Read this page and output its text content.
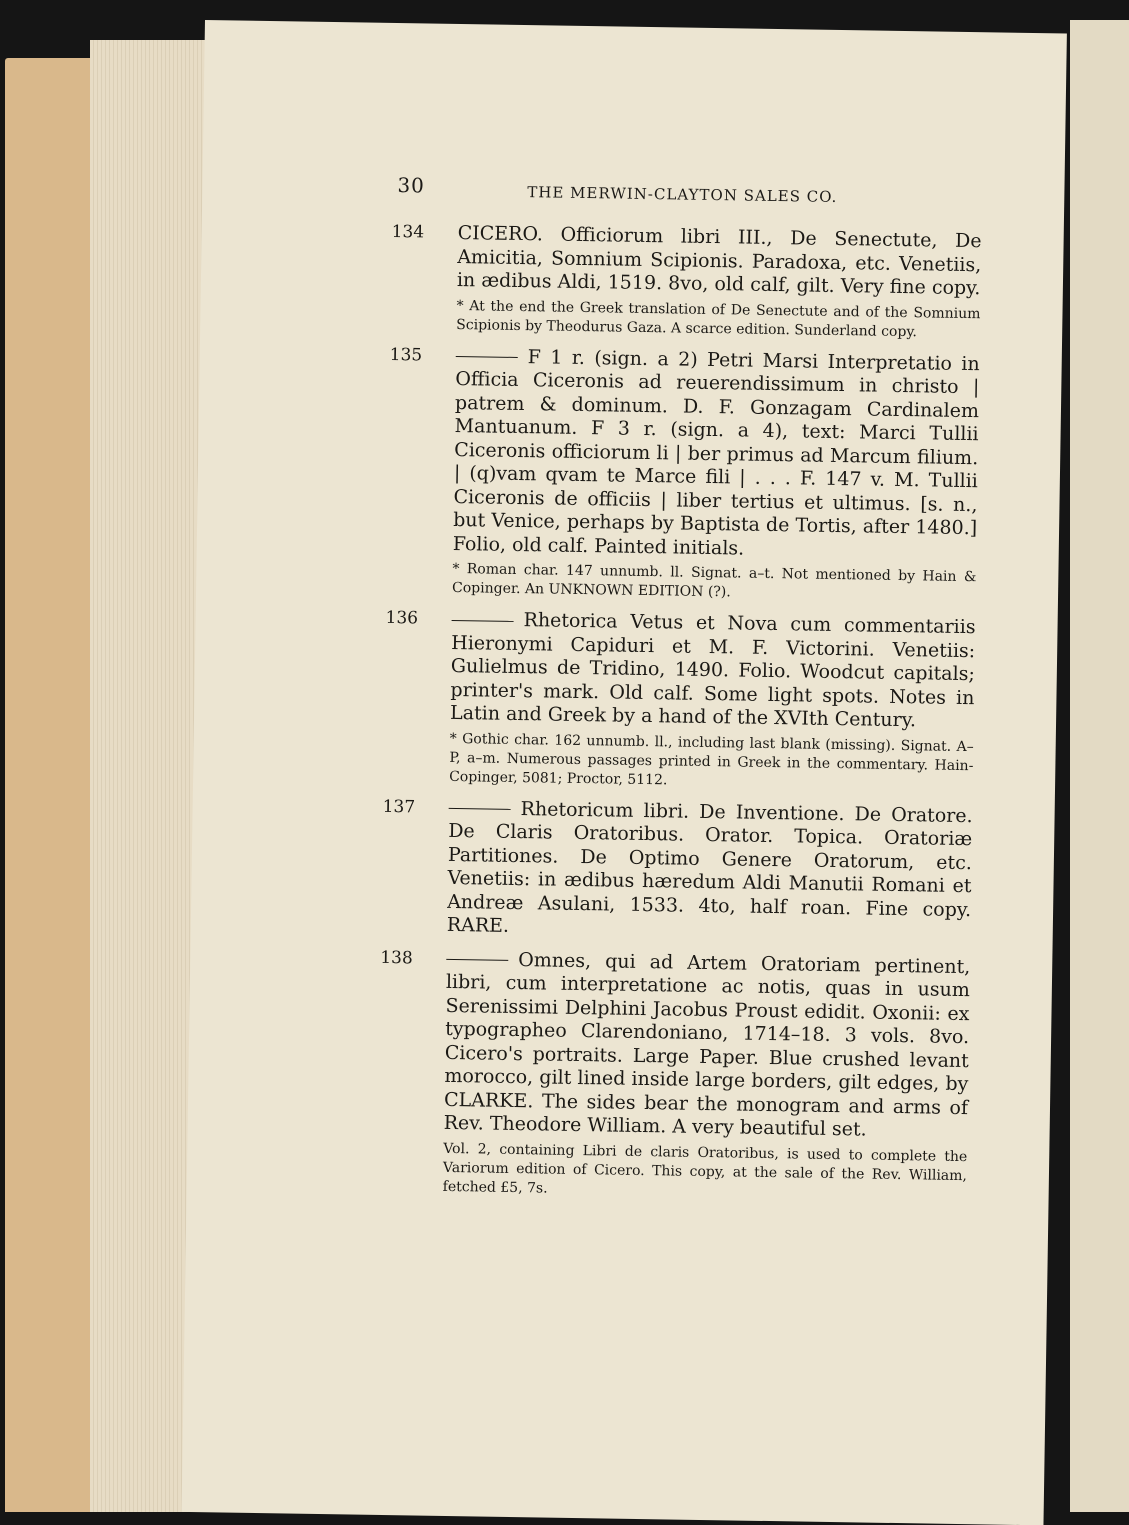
30	THE MERWIN-CLAYTON SALES CO.
134 CICERO. Officiorum libri III., De Senectute, De Amicitia, Somnium Scipionis. Paradoxa, etc. Venetiis, in ædibus Aldi, 1519. 8vo, old calf, gilt. Very fine copy.
* At the end the Greek translation of De Senectute and of the Somnium Scipionis by Theodurus Gaza. A scarce edition. Sunderland copy.
135	F 1 r. (sign. a 2) Petri Marsi Interpretatio in Officia Ciceronis ad reuerendissimum in christo | patrem & dominum. D. F. Gonzagam Cardinalem Mantuanum. F 3 r. (sign. a 4), text: Marci Tullii Ciceronis officiorum li | ber primus ad Marcum filium. | (q)vam qvam te Marce fili | . . . F. 147 v. M. Tullii Ciceronis de officiis | liber tertius et ultimus. [s. n., but Venice, perhaps by Baptista de Tortis, after 1480.] Folio, old calf. Painted initials.
* Roman char. 147 unnumb. ll. Signat. a–t. Not mentioned by Hain & Copinger. An UNKNOWN EDITION (?).
136	Rhetorica Vetus et Nova cum commentariis Hieronymi Capiduri et M. F. Victorini. Venetiis: Gulielmus de Tridino, 1490. Folio. Woodcut capitals; printer's mark. Old calf. Some light spots. Notes in Latin and Greek by a hand of the XVIth Century.
* Gothic char. 162 unnumb. ll., including last blank (missing). Signat. A–P, a–m. Numerous passages printed in Greek in the commentary. Hain-Copinger, 5081; Proctor, 5112.
137	Rhetoricum libri. De Inventione. De Oratore. De Claris Oratoribus. Orator. Topica. Oratoriæ Partitiones. De Optimo Genere Oratorum, etc. Venetiis: in ædibus hæredum Aldi Manutii Romani et Andreæ Asulani, 1533. 4to, half roan. Fine copy. RARE.
138	Omnes, qui ad Artem Oratoriam pertinent, libri, cum interpretatione ac notis, quas in usum Serenissimi Delphini Jacobus Proust edidit. Oxonii: ex typographeo Clarendoniano, 1714–18. 3 vols. 8vo. Cicero's portraits. Large Paper. Blue crushed levant morocco, gilt lined inside large borders, gilt edges, by CLARKE. The sides bear the monogram and arms of Rev. Theodore William. A very beautiful set.
Vol. 2, containing Libri de claris Oratoribus, is used to complete the Variorum edition of Cicero. This copy, at the sale of the Rev. William, fetched £5, 7s.
